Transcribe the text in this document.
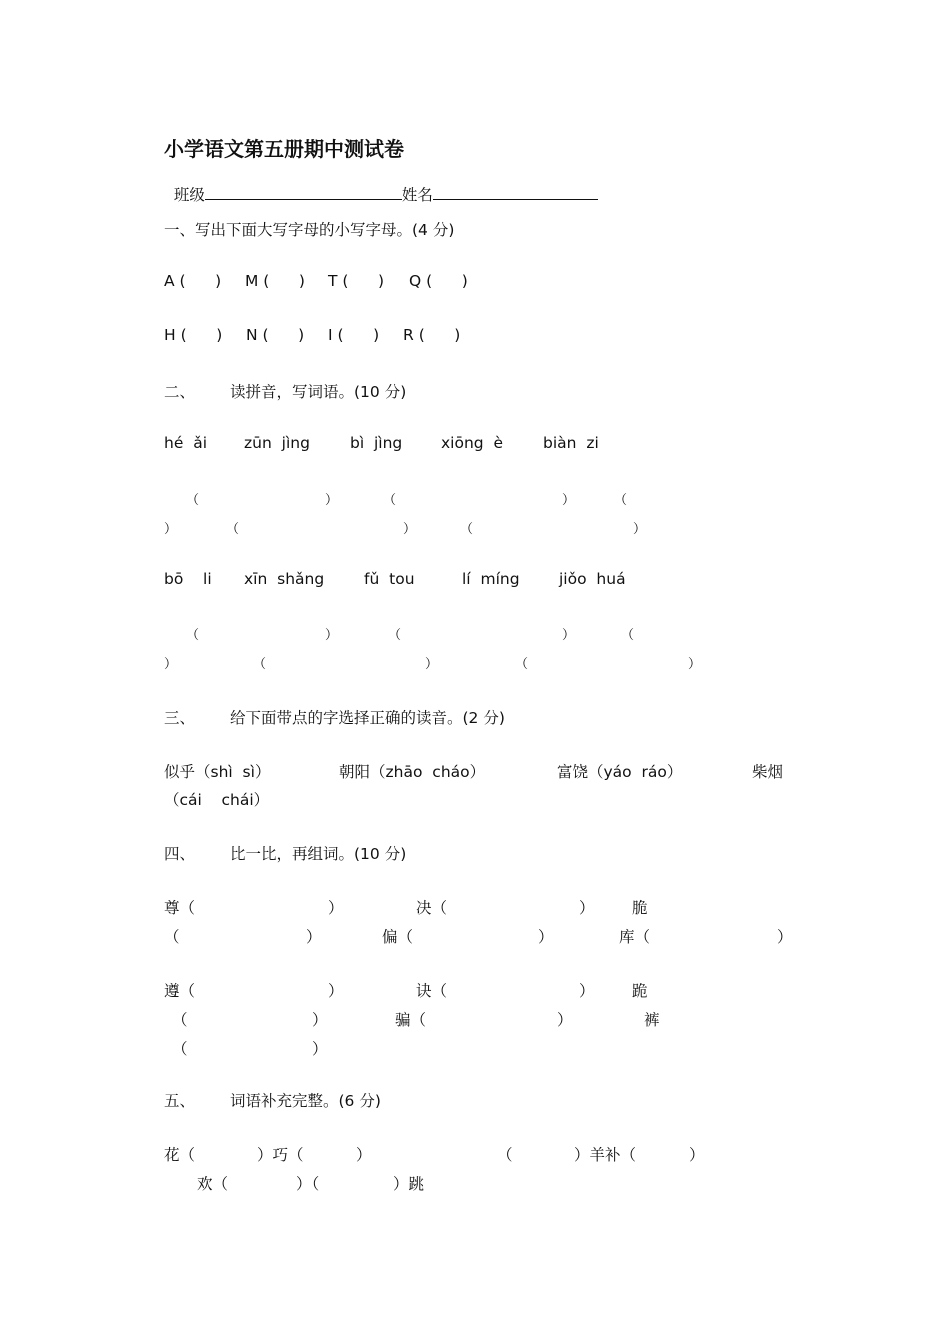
小学语文第五册期中测试卷

班级	姓名

一、写出下面大写字母的小写字母。(4 分)
A (      ) M (      ) T (      ) Q (      )
H (      ) N (      ) I (      ) R (      )
二、 读拼音，写词语。(10 分)
hé  ǎi zūn  jìng	bì  jìng xiōng  è	biàn  zi
（	）	（	）	（
）	（	）	（	）
bō    li xīn  shǎng	fǔ  tou	lí  míng	jiǒo  huá
（	）	（	）	（
）	（	）	（	）
三、 给下面带点的字选择正确的读音。(2 分)
似乎（shì  sì）	朝阳（zhāo  cháo）	富饶（yáo  ráo）	柴烟
（cái    chái）
四、 比一比，再组词。(10 分)
尊（	）	决（	） 脆
（	）	偏（	）	库（	）
遵（	）	诀（	） 跪
（	）	骗（	）	裤
（	）
五、 词语补充完整。(6 分)
花（	）巧（	）	（	）羊补（	）
欢（	）（	）跳
